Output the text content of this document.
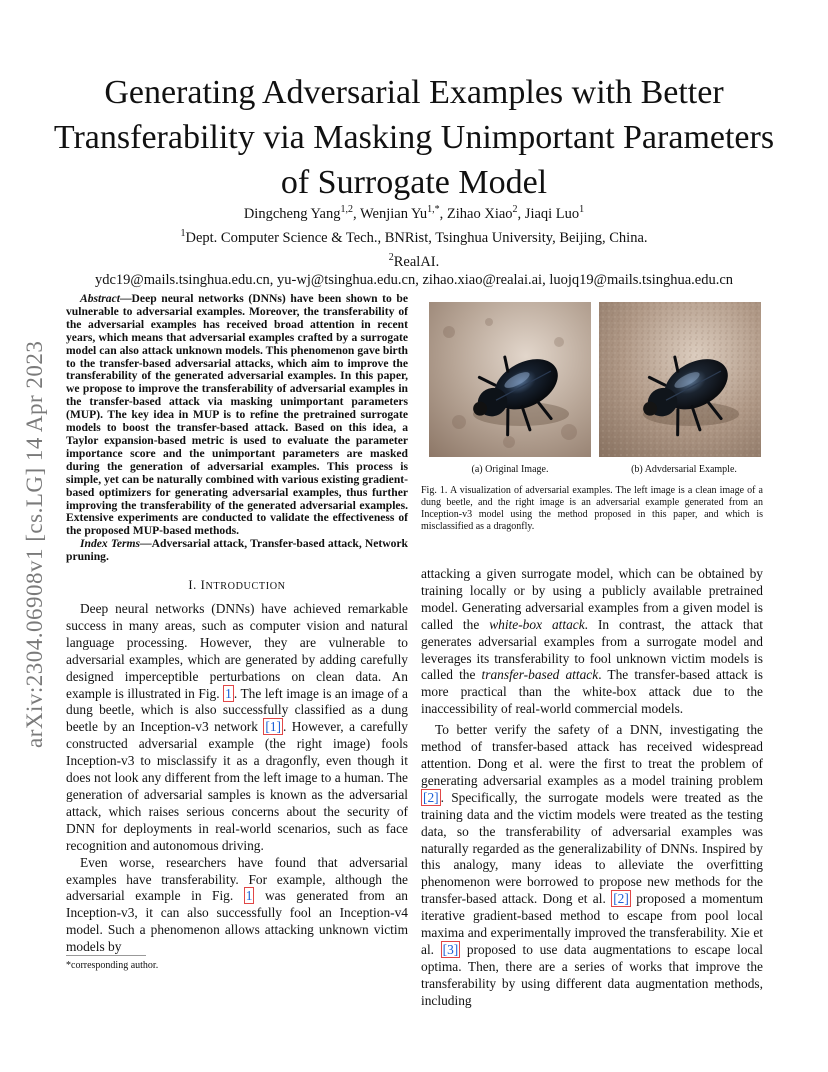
arXiv:2304.06908v1 [cs.LG] 14 Apr 2023
Generating Adversarial Examples with Better
Transferability via Masking Unimportant Parameters
of Surrogate Model
Dingcheng Yang$^{1,2}$, Wenjian $Yu^{1,*}$, Zihao Xiao$^2$, Jiaqi Luo$^1$
$^1$Dept. Computer Science & Tech., BNRist, Tsinghua University, Beijing, China.
$^2$RealAI.
ydc19@mails.tsinghua.edu.cn, yu-wj@tsinghua.edu.cn, zihao.xiao@realai.ai, luojq19@mails.tsinghua.edu.cn

Abstract—Deep neural networks (DNNs) have been shown to be vulnerable to adversarial examples. Moreover, the transferability of the adversarial examples has received broad attention in recent years, which means that adversarial examples crafted by a surrogate model can also attack unknown models. This phenomenon gave birth to the transfer-based adversarial attacks, which aim to improve the transferability of the generated adversarial examples. In this paper, we propose to improve the transferability of adversarial examples in the transfer-based attack via masking unimportant parameters (MUP). The key idea in MUP is to refine the pretrained surrogate models to boost the transfer-based attack. Based on this idea, a Taylor expansion-based metric is used to evaluate the parameter importance score and the unimportant parameters are masked during the generation of adversarial examples. This process is simple, yet can be naturally combined with various existing gradient-based optimizers for generating adversarial examples, thus further improving the transferability of the generated adversarial examples. Extensive experiments are conducted to validate the effectiveness of the proposed MUP-based methods.

Index Terms—Adversarial attack, Transfer-based attack, Network pruning.

I. INTRODUCTION

Deep neural networks (DNNs) have achieved remarkable success in many areas, such as computer vision and natural language processing. However, they are vulnerable to adversarial examples, which are generated by adding carefully designed imperceptible perturbations on clean data. An example is illustrated in Fig. 1 . The left image is an image of a dung beetle, which is also successfully classified as a dung beetle by an Inception-v3 network [1] . However, a carefully constructed adversarial example (the right image) fools Inception-v3 to misclassify it as a dragonfly, even though it does not look any different from the left image to a human. The generation of adversarial samples is known as the adversarial attack, which raises serious concerns about the security of DNN for deployments in real-world scenarios, such as face recognition and autonomous driving.

Even worse, researchers have found that adversarial examples have transferability. For example, although the adversarial example in Fig. 1 was generated from an Inception-v3, it can also successfully fool an Inception-v4 model. Such a phenomenon allows attacking unknown victim models by

*corresponding author.
(a) Original Image.	(b) Advdersarial Example.
Fig. 1. A visualization of adversarial examples. The left image is a clean image of a dung beetle, and the right image is an adversarial example generated from an Inception-v3 model using the method proposed in this paper, and which is misclassified as a dragonfly.

attacking a given surrogate model, which can be obtained by training locally or by using a publicly available pretrained model. Generating adversarial examples from a given model is called the white-box attack. In contrast, the attack that generates adversarial examples from a surrogate model and leverages its transferability to fool unknown victim models is called the transfer-based attack. The transfer-based attack is more practical than the white-box attack due to the inaccessibility of real-world commercial models.

To better verify the safety of a DNN, investigating the method of transfer-based attack has received widespread attention. Dong et al. were the first to treat the problem of generating adversarial examples as a model training problem [2] . Specifically, the surrogate models were treated as the training data and the victim models were treated as the testing data, so the transferability of adversarial examples was naturally regarded as the generalizability of DNNs. Inspired by this analogy, many ideas to alleviate the overfitting phenomenon were borrowed to propose new methods for the transfer-based attack. Dong et al. [2] proposed a momentum iterative gradient-based method to escape from pool local maxima and experimentally improved the transferability. Xie et al. [3] proposed to use data augmentations to escape local optima. Then, there are a series of works that improve the transferability by using different data augmentation methods, including
